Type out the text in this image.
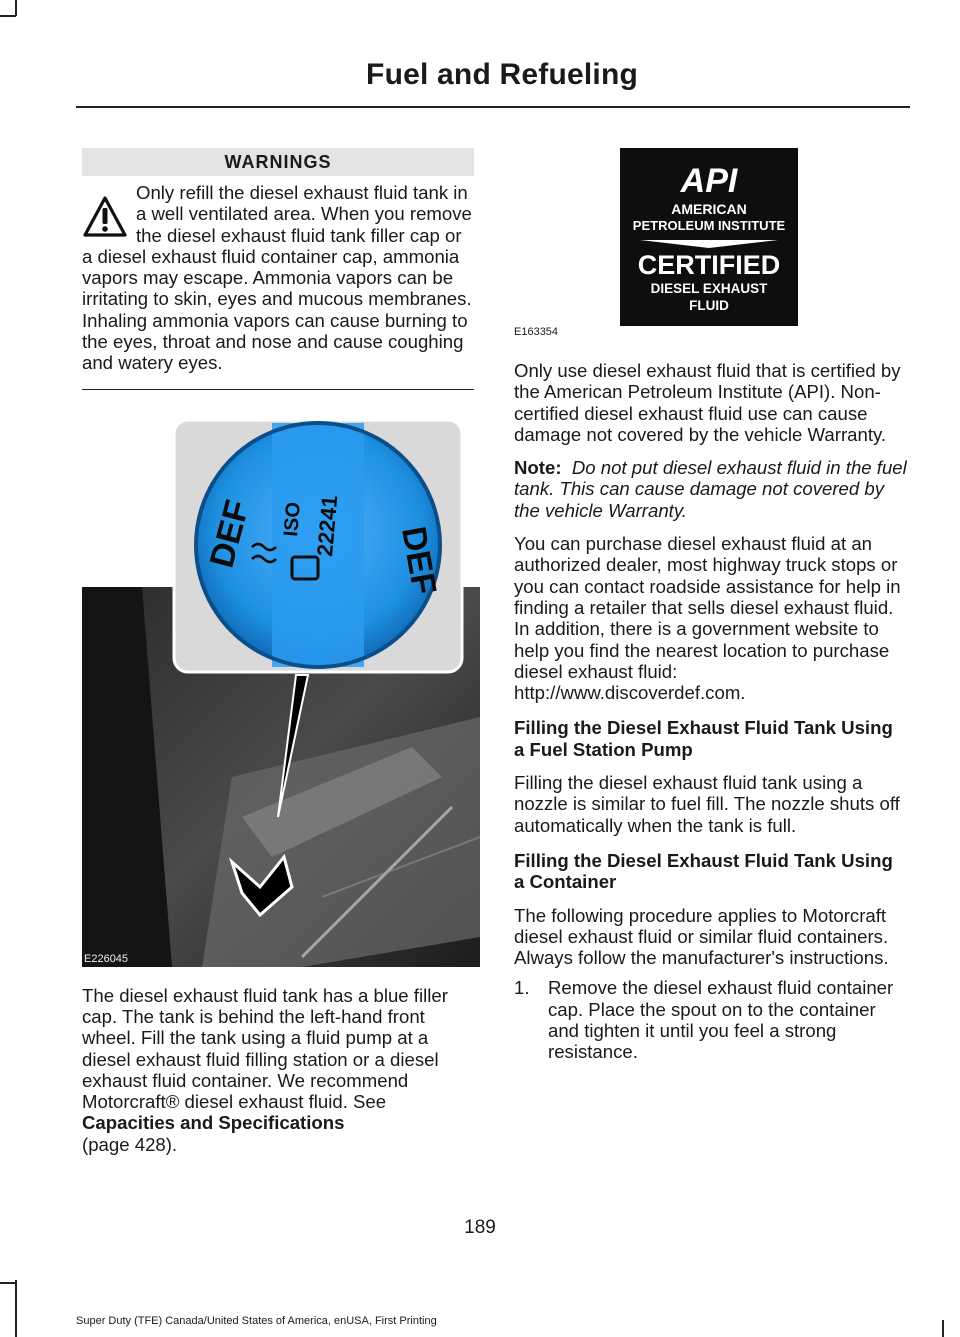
Fuel and Refueling
WARNINGS
Only refill the diesel exhaust fluid tank in a well ventilated area. When you remove the diesel exhaust fluid tank filler cap or a diesel exhaust fluid container cap, ammonia vapors may escape. Ammonia vapors can be irritating to skin, eyes and mucous membranes. Inhaling ammonia vapors can cause burning to the eyes, throat and nose and cause coughing and watery eyes.
DEF	DEF
ISO 22241
E226045

The diesel exhaust fluid tank has a blue filler cap. The tank is behind the left-hand front wheel. Fill the tank using a fluid pump at a diesel exhaust fluid filling station or a diesel exhaust fluid container. We recommend Motorcraft® diesel exhaust fluid. See Capacities and Specifications
(page 428).

API
AMERICAN
PETROLEUM INSTITUTE
CERTIFIED
DIESEL EXHAUST
FLUID
E163354

Only use diesel exhaust fluid that is certified by the American Petroleum Institute (API). Non-certified diesel exhaust fluid use can cause damage not covered by the vehicle Warranty.

Note: Do not put diesel exhaust fluid in the fuel tank. This can cause damage not covered by the vehicle Warranty.

You can purchase diesel exhaust fluid at an authorized dealer, most highway truck stops or you can contact roadside assistance for help in finding a retailer that sells diesel exhaust fluid. In addition, there is a government website to help you find the nearest location to purchase diesel exhaust fluid:
http://www.discoverdef.com.

Filling the Diesel Exhaust Fluid Tank Using a Fuel Station Pump

Filling the diesel exhaust fluid tank using a nozzle is similar to fuel fill. The nozzle shuts off automatically when the tank is full.

Filling the Diesel Exhaust Fluid Tank Using a Container

The following procedure applies to Motorcraft diesel exhaust fluid or similar fluid containers. Always follow the manufacturer's instructions.

1. Remove the diesel exhaust fluid container cap. Place the spout on to the container and tighten it until you feel a strong resistance.

189
Super Duty (TFE) Canada/United States of America, enUSA, First Printing
